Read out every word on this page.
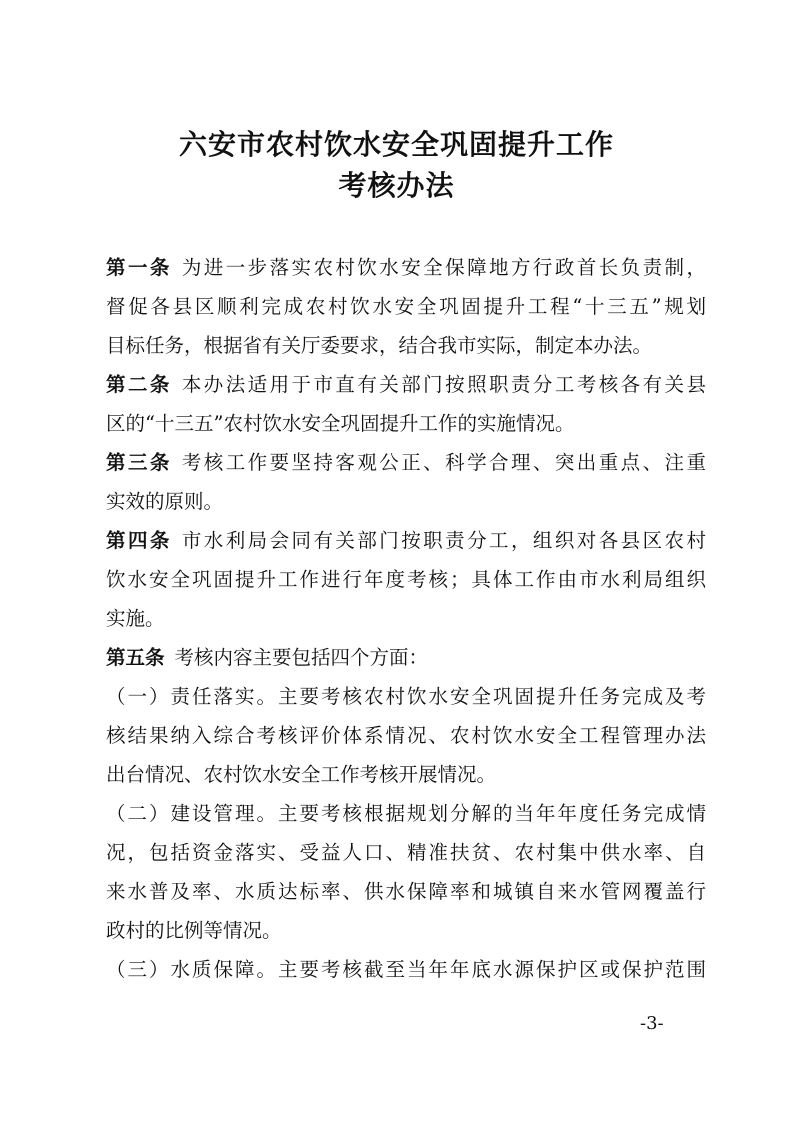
六安市农村饮水安全巩固提升工作
考核办法
第一条 为进一步落实农村饮水安全保障地方行政首长负责制，
督促各县区顺利完成农村饮水安全巩固提升工程“十三五”规划
目标任务，根据省有关厅委要求，结合我市实际，制定本办法。
第二条 本办法适用于市直有关部门按照职责分工考核各有关县
区的“十三五”农村饮水安全巩固提升工作的实施情况。
第三条 考核工作要坚持客观公正、科学合理、突出重点、注重
实效的原则。
第四条 市水利局会同有关部门按职责分工，组织对各县区农村
饮水安全巩固提升工作进行年度考核；具体工作由市水利局组织
实施。
第五条 考核内容主要包括四个方面：
（一）责任落实。主要考核农村饮水安全巩固提升任务完成及考
核结果纳入综合考核评价体系情况、农村饮水安全工程管理办法
出台情况、农村饮水安全工作考核开展情况。
（二）建设管理。主要考核根据规划分解的当年年度任务完成情
况，包括资金落实、受益人口、精准扶贫、农村集中供水率、自
来水普及率、水质达标率、供水保障率和城镇自来水管网覆盖行
政村的比例等情况。
（三）水质保障。主要考核截至当年年底水源保护区或保护范围
-3-
